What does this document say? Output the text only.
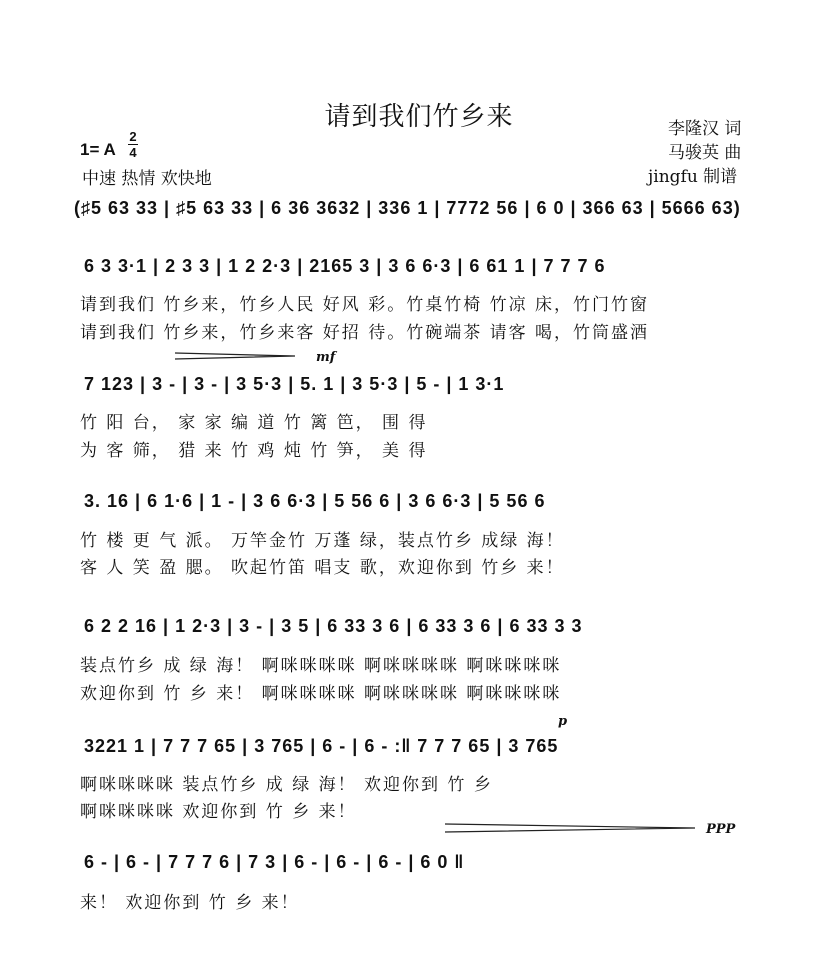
请到我们竹乡来	李隆汉 词
马骏英 曲
jingfu 制谱
1= A
2
4
中速 热情 欢快地
mf
p
PPP
(♯5 63 33 | ♯5 63 33 | 6 36 3632 | 336 1 | 7772 56 | 6 0 | 366 63 | 5666 63)
6 3 3·1 | 2 3 3 | 1 2 2·3 | 2165 3 | 3 6 6·3 | 6 61 1 | 7 7 7 6
请到我们 竹乡来，竹乡人民 好风 彩。竹桌竹椅 竹凉 床，竹门竹窗
请到我们 竹乡来，竹乡来客 好招 待。竹碗端茶 请客 喝，竹筒盛酒
7 123 | 3 - | 3 - | 3 5·3 | 5. 1 | 3 5·3 | 5 - | 1 3·1
竹 阳 台， 家 家 编 道 竹 篱 笆， 围 得
为 客 筛， 猎 来 竹 鸡 炖 竹 笋， 美 得
3. 16 | 6 1·6 | 1 - | 3 6 6·3 | 5 56 6 | 3 6 6·3 | 5 56 6
竹 楼 更 气 派。 万竿金竹 万蓬 绿，装点竹乡 成绿 海！
客 人 笑 盈 腮。 吹起竹笛 唱支 歌，欢迎你到 竹乡 来！
6 2 2 16 | 1 2·3 | 3 - | 3 5 | 6 33 3 6 | 6 33 3 6 | 6 33 3 3
装点竹乡 成 绿 海！ 啊咪咪咪咪 啊咪咪咪咪 啊咪咪咪咪
欢迎你到 竹 乡 来！ 啊咪咪咪咪 啊咪咪咪咪 啊咪咪咪咪
3221 1 | 7 7 7 65 | 3 765 | 6 - | 6 - :‖ 7 7 7 65 | 3 765
啊咪咪咪咪 装点竹乡 成 绿 海！ 欢迎你到 竹 乡
啊咪咪咪咪 欢迎你到 竹 乡 来！
6 - | 6 - | 7 7 7 6 | 7 3 | 6 - | 6 - | 6 - | 6 0 ‖
来！ 欢迎你到 竹 乡 来！
